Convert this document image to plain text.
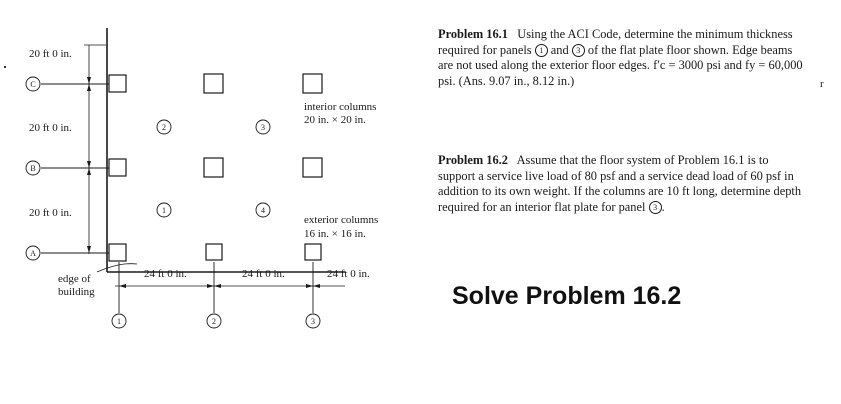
C
B
A
1	2	3
2	3
1	4
20 ft 0 in.
20 ft 0 in.
20 ft 0 in.
24 ft 0 in.	24 ft 0 in.	24 ft 0 in.
interior columns
20 in. × 20 in.
exterior columns
16 in. × 16 in.
edge of
building
Problem 16.1 Using the ACI Code, determine the minimum thickness required for panels 1 and 3 of the flat plate floor shown. Edge beams are not used along the exterior floor edges. f′c = 3000 psi and fy = 60,000 psi. (Ans. 9.07 in., 8.12 in.)	r
Problem 16.2 Assume that the floor system of Problem 16.1 is to support a service live load of 80 psf and a service dead load of 60 psf in addition to its own weight. If the columns are 10 ft long, determine depth required for an interior flat plate for panel 3 .
Solve Problem 16.2
